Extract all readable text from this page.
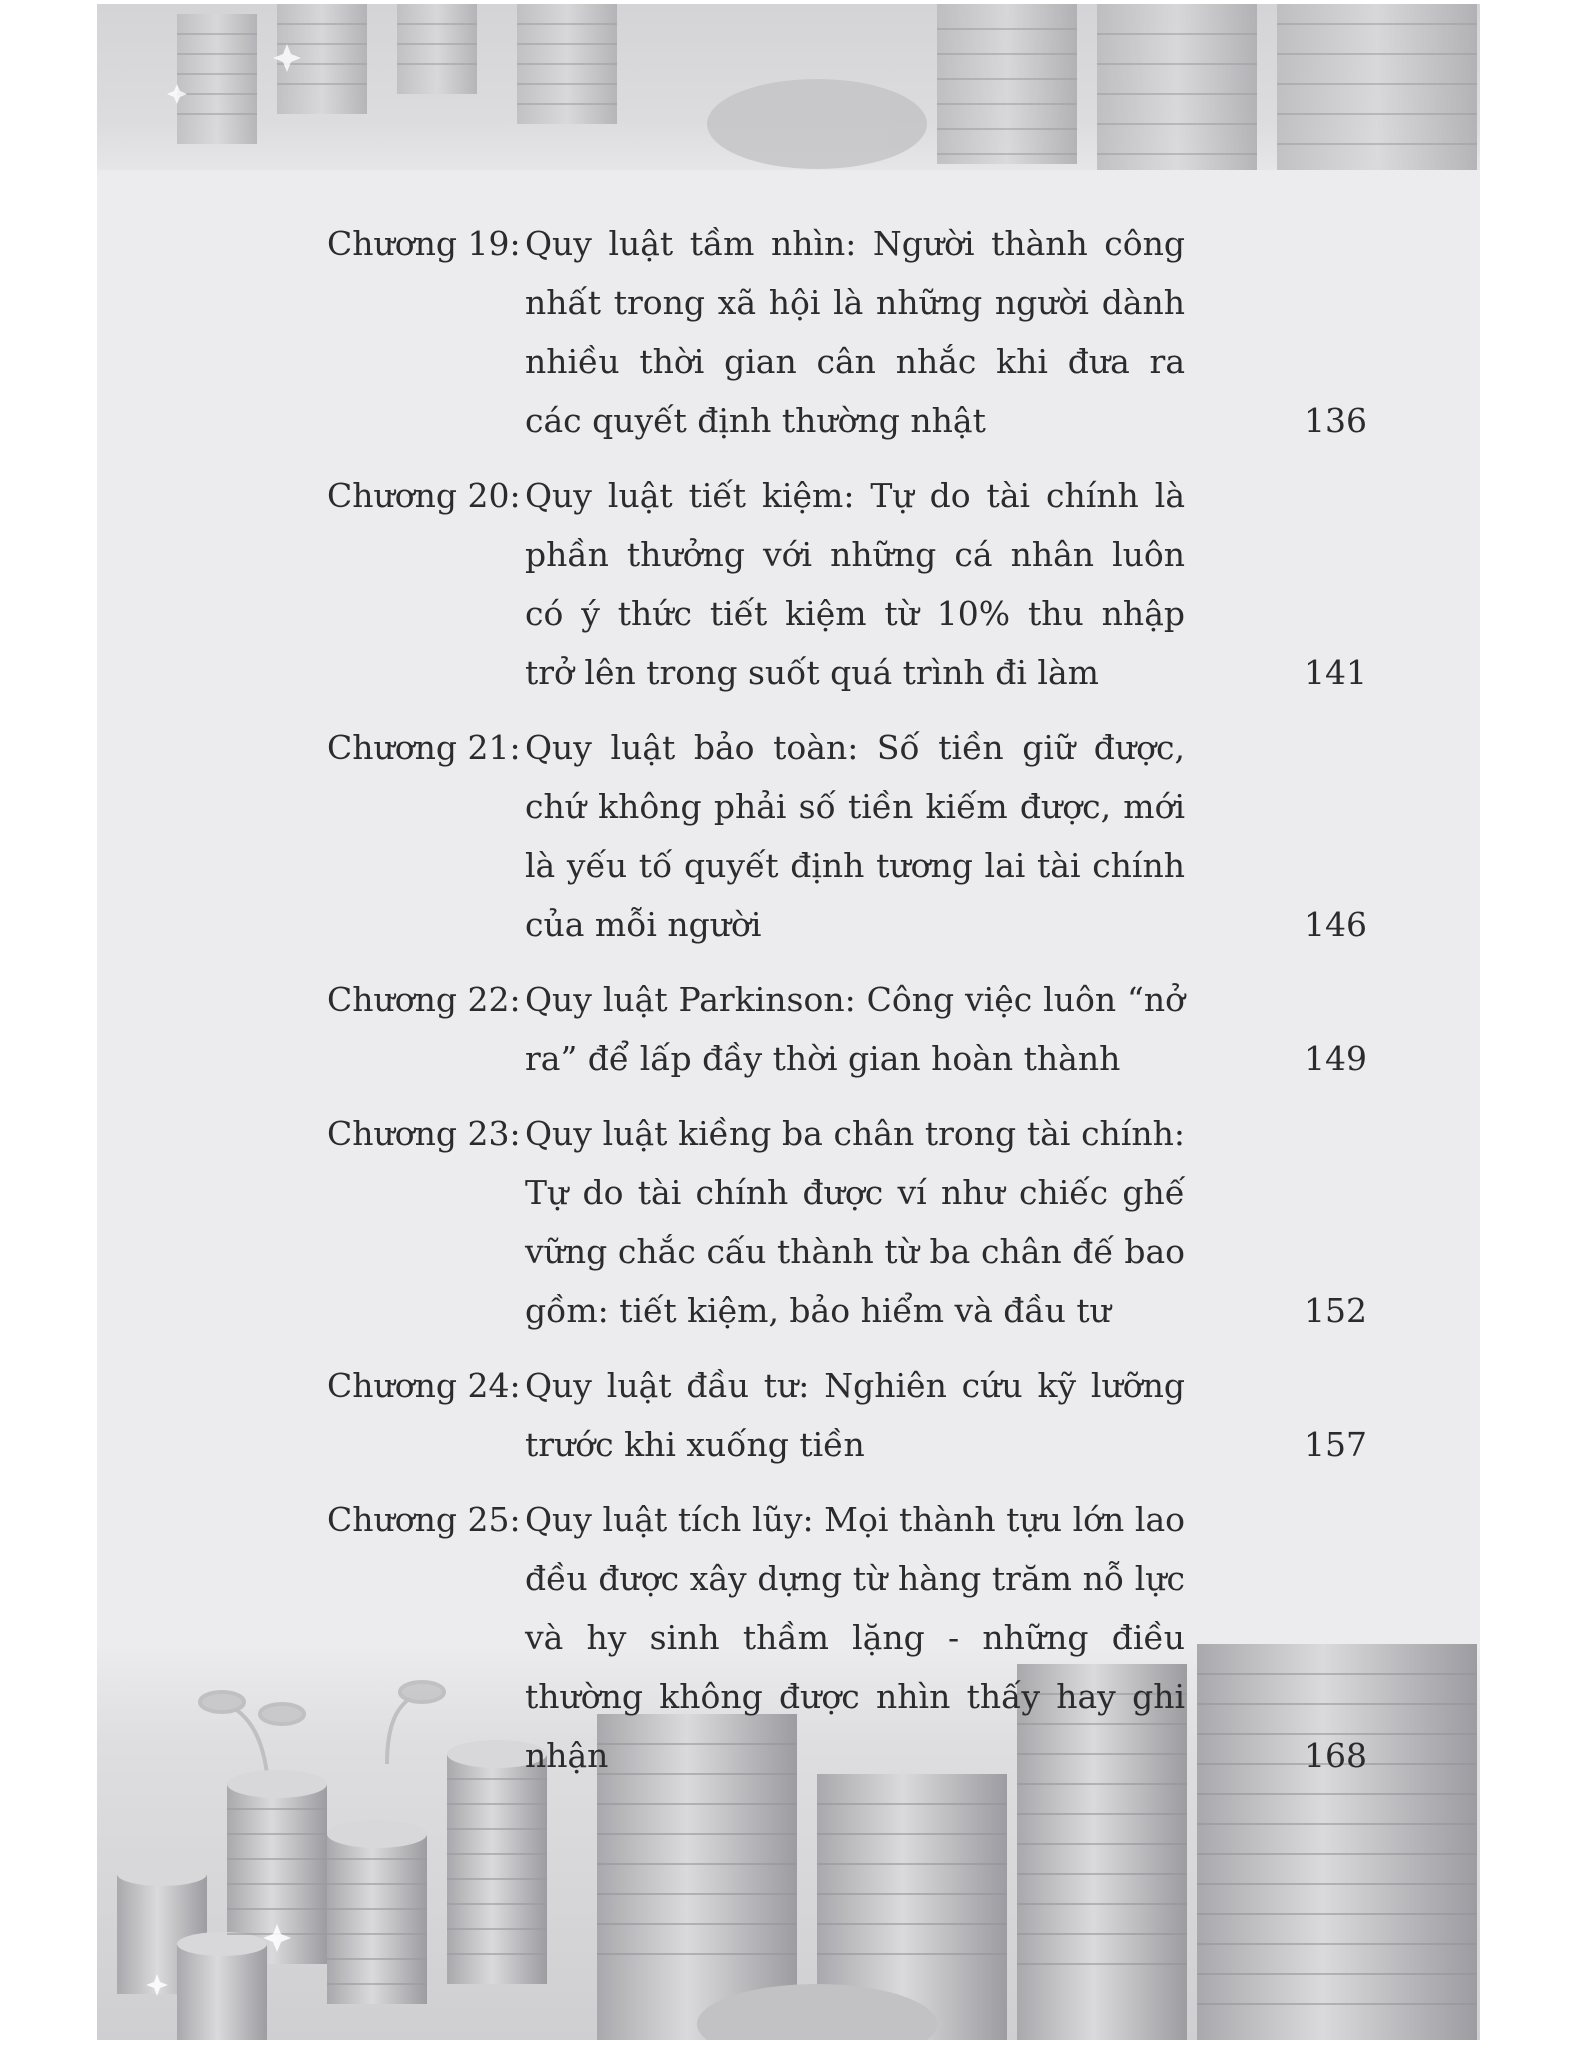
Chương 19: Quy luật tầm nhìn: Người thành công nhất trong xã hội là những người dành nhiều thời gian cân nhắc khi đưa ra các quyết định thường nhật	136
Chương 20: Quy luật tiết kiệm: Tự do tài chính là phần thưởng với những cá nhân luôn có ý thức tiết kiệm từ 10% thu nhập trở lên trong suốt quá trình đi làm	141
Chương 21: Quy luật bảo toàn: Số tiền giữ được, chứ không phải số tiền kiếm được, mới là yếu tố quyết định tương lai tài chính của mỗi người	146
Chương 22: Quy luật Parkinson: Công việc luôn “nở ra” để lấp đầy thời gian hoàn thành	149
Chương 23: Quy luật kiềng ba chân trong tài chính: Tự do tài chính được ví như chiếc ghế vững chắc cấu thành từ ba chân đế bao gồm: tiết kiệm, bảo hiểm và đầu tư	152
Chương 24: Quy luật đầu tư: Nghiên cứu kỹ lưỡng trước khi xuống tiền	157
Chương 25: Quy luật tích lũy: Mọi thành tựu lớn lao đều được xây dựng từ hàng trăm nỗ lực và hy sinh thầm lặng - những điều thường không được nhìn thấy hay ghi nhận	168
